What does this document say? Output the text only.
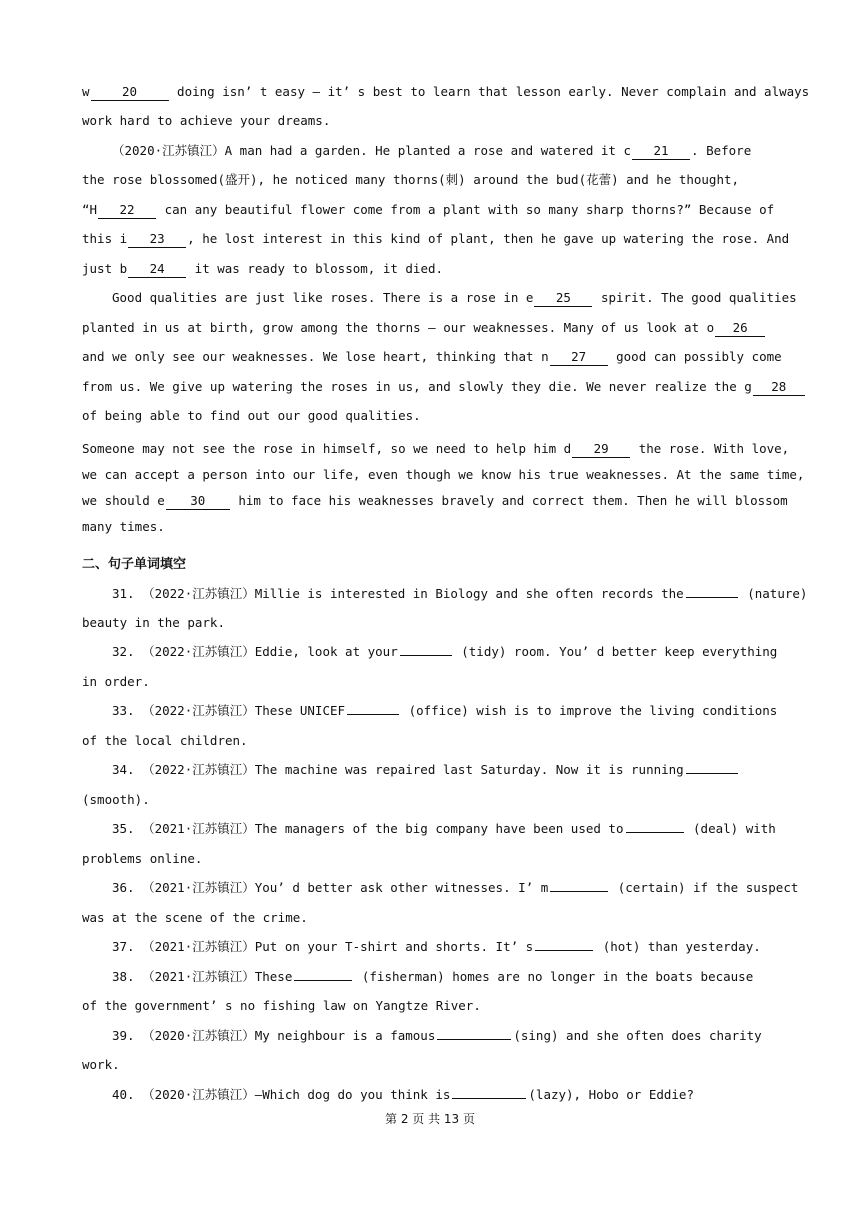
w	20	doing isn’ t easy — it’ s best to learn that lesson early. Never complain and always
work hard to achieve your dreams.
（2020·江苏镇江）A man had a garden. He planted a rose and watered it c 21 . Before
the rose blossomed(盛开), he noticed many thorns(刺) around the bud(花蕾) and he thought,
“H 22 can any beautiful flower come from a plant with so many sharp thorns?” Because of
this i 23 , he lost interest in this kind of plant, then he gave up watering the rose. And
just b 24 it was ready to blossom, it died.
Good qualities are just like roses. There is a rose in e 25 spirit. The good qualities
planted in us at birth, grow among the thorns — our weaknesses. Many of us look at o 26
and we only see our weaknesses. We lose heart, thinking that n 27 good can possibly come
from us. We give up watering the roses in us, and slowly they die. We never realize the g 28
of being able to find out our good qualities.
Someone may not see the rose in himself, so we need to help him d 29 the rose. With love,
we can accept a person into our life, even though we know his true weaknesses. At the same time,
we should e 30 him to face his weaknesses bravely and correct them. Then he will blossom
many times.
二、句子单词填空
31. （2022·江苏镇江）Millie is interested in Biology and she often records the	(nature)
beauty in the park.
32. （2022·江苏镇江）Eddie, look at your	(tidy) room. You’ d better keep everything
in order.
33. （2022·江苏镇江）These UNICEF	(office) wish is to improve the living conditions
of the local children.
34. （2022·江苏镇江）The machine was repaired last Saturday. Now it is running
(smooth).
35. （2021·江苏镇江）The managers of the big company have been used to	(deal) with
problems online.
36. （2021·江苏镇江）You’ d better ask other witnesses. I’ m	(certain) if the suspect
was at the scene of the crime.
37. （2021·江苏镇江）Put on your T-shirt and shorts. It’ s	(hot) than yesterday.
38. （2021·江苏镇江）These	(fisherman) homes are no longer in the boats because
of the government’ s no fishing law on Yangtze River.
39. （2020·江苏镇江）My neighbour is a famous	(sing) and she often does charity
work.
40. （2020·江苏镇江）—Which dog do you think is	(lazy), Hobo or Eddie?
第 2 页 共 13 页
